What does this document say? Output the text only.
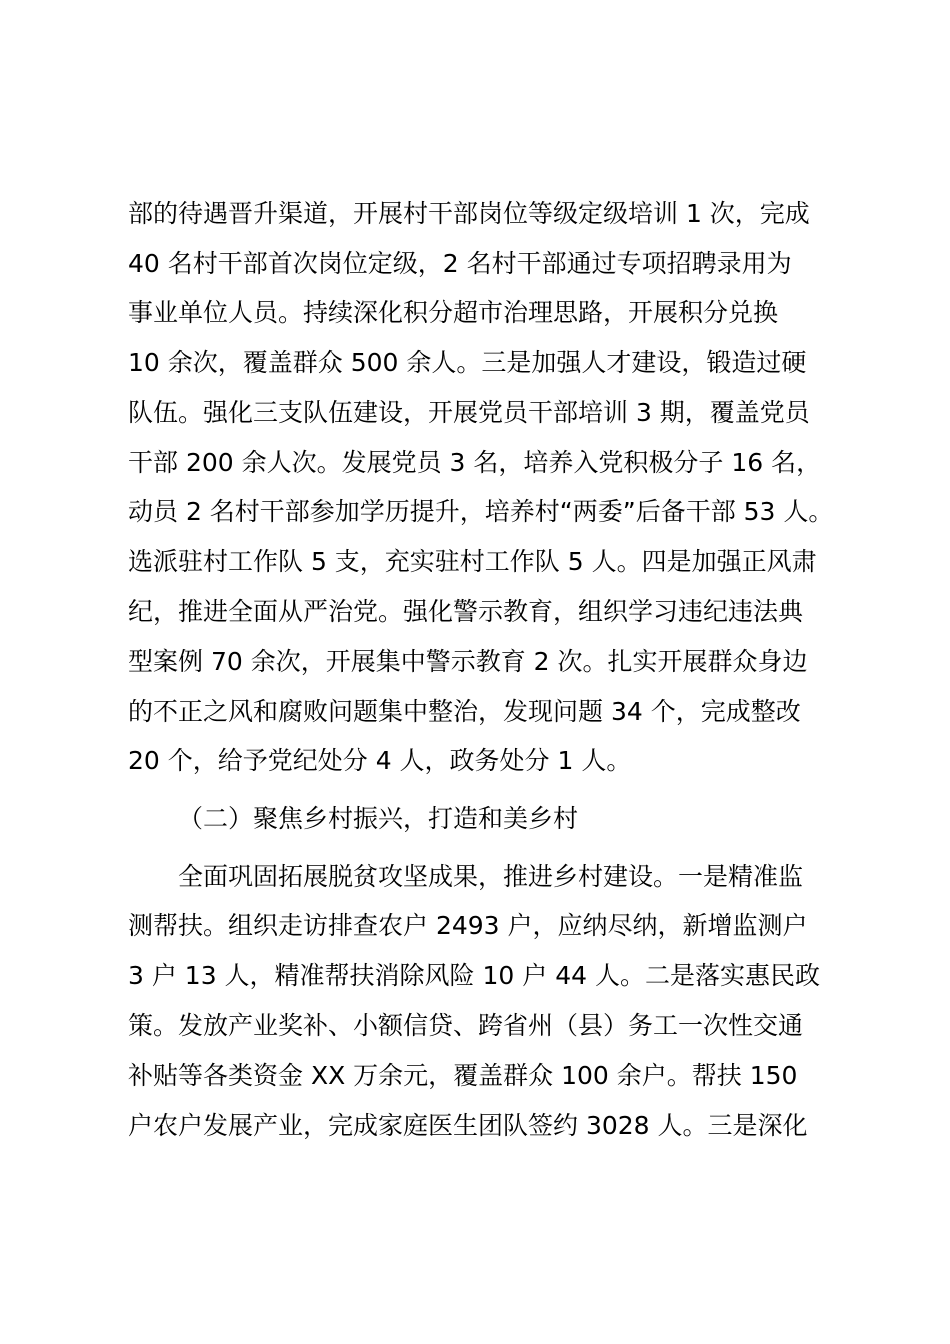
部的待遇晋升渠道，开展村干部岗位等级定级培训 1 次，完成
40 名村干部首次岗位定级，2 名村干部通过专项招聘录用为
事业单位人员。持续深化积分超市治理思路，开展积分兑换
10 余次，覆盖群众 500 余人。三是加强人才建设，锻造过硬
队伍。强化三支队伍建设，开展党员干部培训 3 期，覆盖党员
干部 200 余人次。发展党员 3 名，培养入党积极分子 16 名，
动员 2 名村干部参加学历提升，培养村“两委”后备干部 53 人。
选派驻村工作队 5 支，充实驻村工作队 5 人。四是加强正风肃
纪，推进全面从严治党。强化警示教育，组织学习违纪违法典
型案例 70 余次，开展集中警示教育 2 次。扎实开展群众身边
的不正之风和腐败问题集中整治，发现问题 34 个，完成整改
20 个，给予党纪处分 4 人，政务处分 1 人。
（二）聚焦乡村振兴，打造和美乡村
全面巩固拓展脱贫攻坚成果，推进乡村建设。一是精准监
测帮扶。组织走访排查农户 2493 户，应纳尽纳，新增监测户
3 户 13 人，精准帮扶消除风险 10 户 44 人。二是落实惠民政
策。发放产业奖补、小额信贷、跨省州（县）务工一次性交通
补贴等各类资金 XX 万余元，覆盖群众 100 余户。帮扶 150
户农户发展产业，完成家庭医生团队签约 3028 人。三是深化
